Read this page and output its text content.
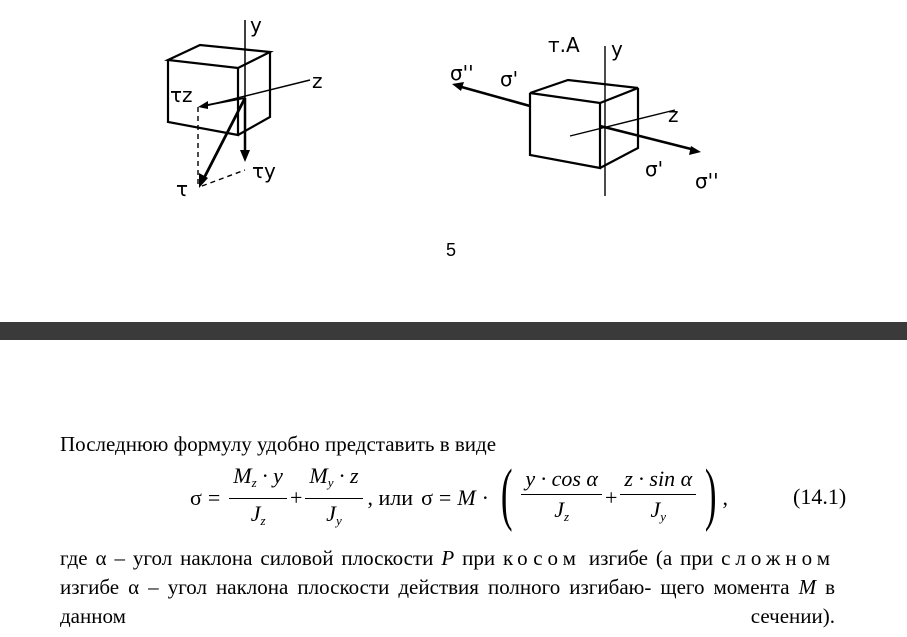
y
z
τz
τy
τ
т.А y
z
σ'' σ'
σ' σ''
5
Последнюю формулу удобно представить в виде
$\sigma = \frac{M_z \cdot y}{J_z} + \frac{M_y \cdot z}{J_y}$ , или σ = M · ( $\frac{\text{y · cos α}}{J_z} + \frac{\text{z · sin α}}{J_y}$ ) ,	(14.1)
где α – угол наклона силовой плоскости P при косом изгибе (а при сложном изгибе α – угол наклона плоскости действия полного изгибаю- щего момента M в данном сечении).
